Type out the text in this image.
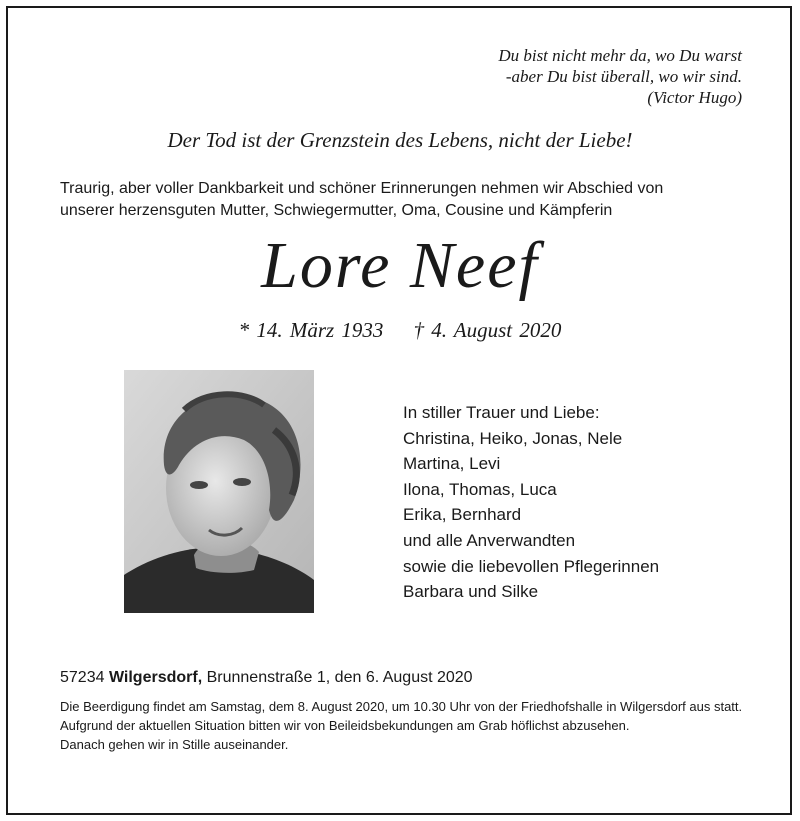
Du bist nicht mehr da, wo Du warst
-aber Du bist überall, wo wir sind.
(Victor Hugo)
Der Tod ist der Grenzstein des Lebens, nicht der Liebe!
Traurig, aber voller Dankbarkeit und schöner Erinnerungen nehmen wir Abschied von
unserer herzensguten Mutter, Schwiegermutter, Oma, Cousine und Kämpferin
Lore Neef
* 14. März 1933 † 4. August 2020
In stiller Trauer und Liebe:
Christina, Heiko, Jonas, Nele
Martina, Levi
Ilona, Thomas, Luca
Erika, Bernhard
und alle Anverwandten
sowie die liebevollen Pflegerinnen
Barbara und Silke
57234 Wilgersdorf, Brunnenstraße 1, den 6. August 2020

Die Beerdigung findet am Samstag, dem 8. August 2020, um 10.30 Uhr von der Friedhofshalle in Wilgersdorf aus statt.

Aufgrund der aktuellen Situation bitten wir von Beileidsbekundungen am Grab höflichst abzusehen.

Danach gehen wir in Stille auseinander.
